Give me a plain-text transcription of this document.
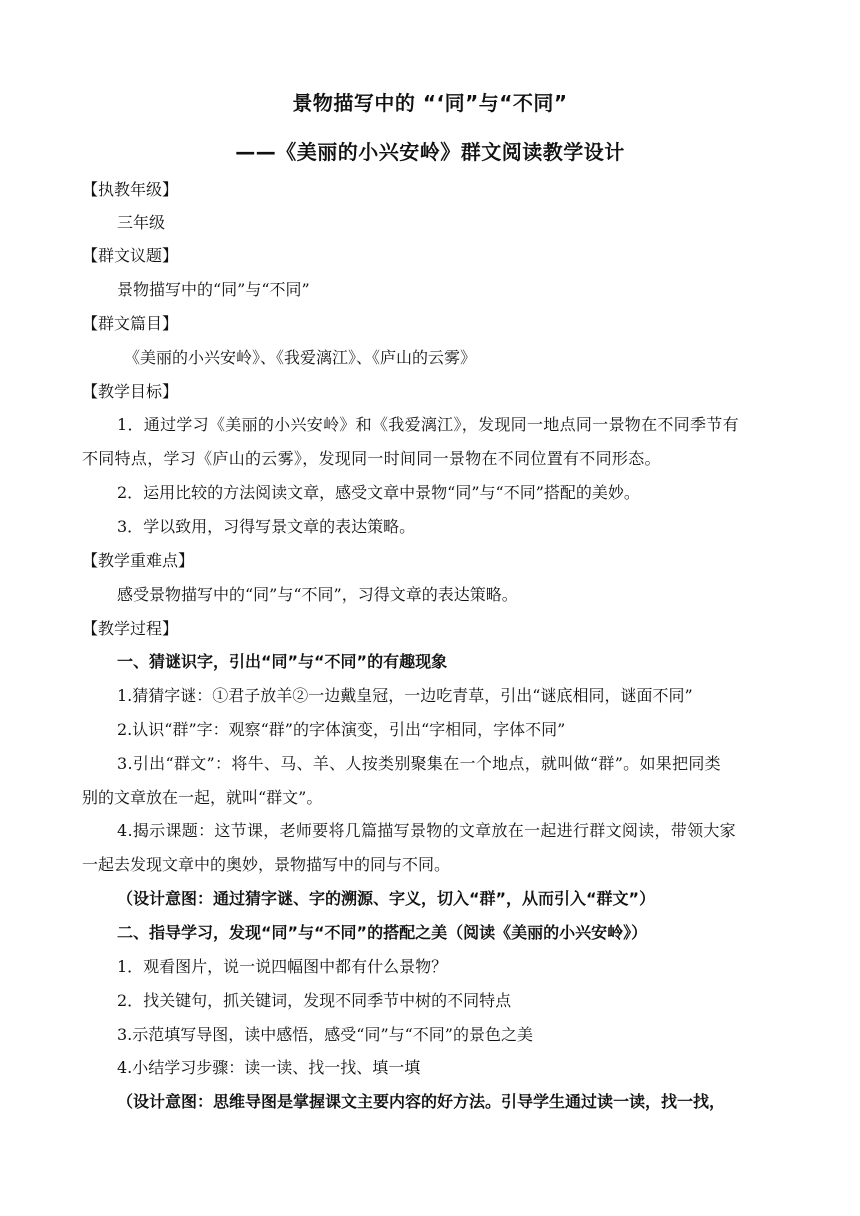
景物描写中的 “‘同”与“不同”
——《美丽的小兴安岭》群文阅读教学设计
【执教年级】
三年级
【群文议题】
景物描写中的“同”与“不同”
【群文篇目】
《美丽的小兴安岭》、《我爱漓江》、《庐山的云雾》
【教学目标】
1．通过学习《美丽的小兴安岭》和《我爱漓江》，发现同一地点同一景物在不同季节有
不同特点，学习《庐山的云雾》，发现同一时间同一景物在不同位置有不同形态。
2．运用比较的方法阅读文章，感受文章中景物“同”与“不同”搭配的美妙。
3．学以致用，习得写景文章的表达策略。
【教学重难点】
感受景物描写中的“同”与“不同”，习得文章的表达策略。
【教学过程】
一、猜谜识字，引出“同”与“不同”的有趣现象
1.猜猜字谜：①君子放羊②一边戴皇冠，一边吃青草，引出“谜底相同，谜面不同”
2.认识“群”字：观察“群”的字体演变，引出“字相同，字体不同”
3.引出“群文”：将牛、马、羊、人按类别聚集在一个地点，就叫做“群”。如果把同类
别的文章放在一起，就叫“群文”。
4.揭示课题：这节课，老师要将几篇描写景物的文章放在一起进行群文阅读，带领大家
一起去发现文章中的奥妙，景物描写中的同与不同。
（设计意图：通过猜字谜、字的溯源、字义，切入“群”，从而引入“群文”）
二、指导学习，发现“同”与“不同”的搭配之美（阅读《美丽的小兴安岭》）
1．观看图片，说一说四幅图中都有什么景物？
2．找关键句，抓关键词，发现不同季节中树的不同特点
3.示范填写导图，读中感悟，感受“同”与“不同”的景色之美
4.小结学习步骤：读一读、找一找、填一填
（设计意图：思维导图是掌握课文主要内容的好方法。引导学生通过读一读，找一找，
